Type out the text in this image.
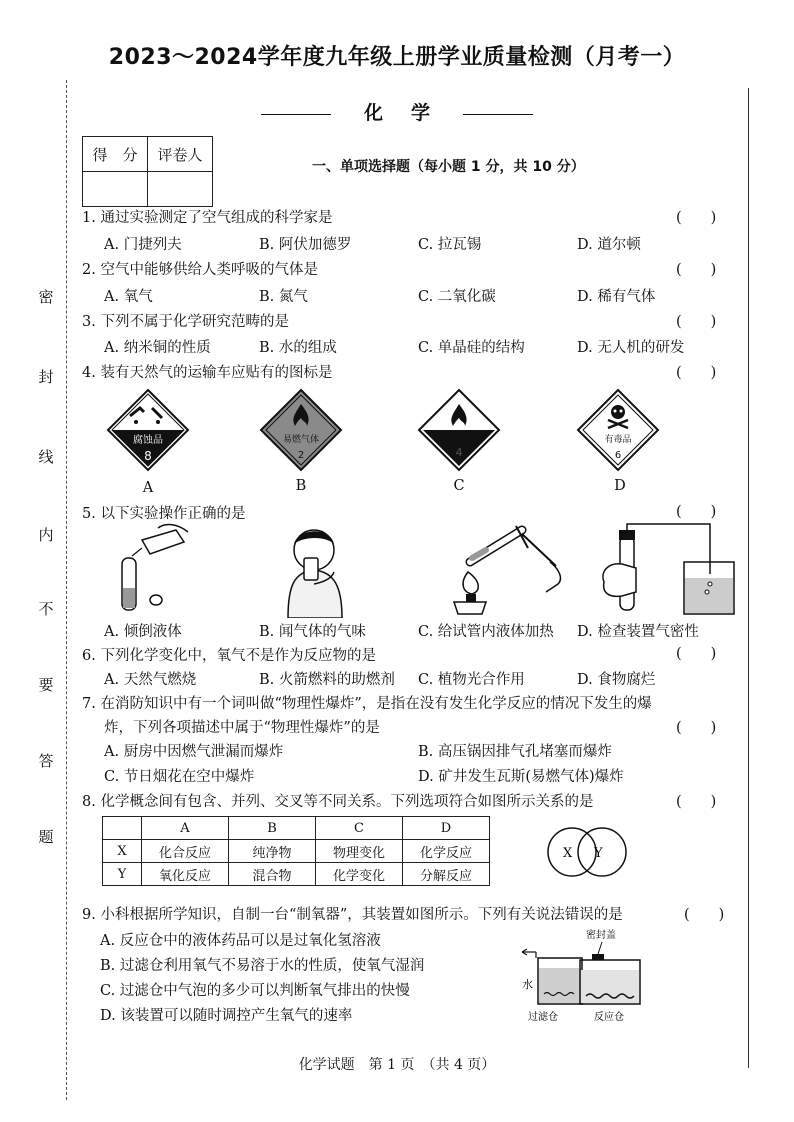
2023～2024学年度九年级上册学业质量检测（月考一）
化 学
密
封
线
内
不
要
答
题
得　分	评卷人

一、单项选择题（每小题 1 分，共 10 分）
1. 通过实验测定了空气组成的科学家是	(　　)
A. 门捷列夫	B. 阿伏加德罗	C. 拉瓦锡	D. 道尔顿
2. 空气中能够供给人类呼吸的气体是	(　　)
A. 氧气	B. 氮气	C. 二氧化碳	D. 稀有气体
3. 下列不属于化学研究范畴的是	(　　)
A. 纳米铜的性质	B. 水的组成	C. 单晶硅的结构	D. 无人机的研发
4. 装有天然气的运输车应贴有的图标是	(　　)
腐蚀品
8
易燃气体
2	4
有毒品
6
A	B	C	D
5. 以下实验操作正确的是	(　　)
A. 倾倒液体	B. 闻气体的气味	C. 给试管内液体加热 D. 检查装置气密性
6. 下列化学变化中，氧气不是作为反应物的是	(　　)
A. 天然气燃烧	B. 火箭燃料的助燃剂 C. 植物光合作用	D. 食物腐烂
7. 在消防知识中有一个词叫做“物理性爆炸”，是指在没有发生化学反应的情况下发生的爆
炸，下列各项描述中属于“物理性爆炸”的是	(　　)
A. 厨房中因燃气泄漏而爆炸	B. 高压锅因排气孔堵塞而爆炸
C. 节日烟花在空中爆炸	D. 矿井发生瓦斯(易燃气体)爆炸
8. 化学概念间有包含、并列、交叉等不同关系。下列选项符合如图所示关系的是	(　　)
	A	B	C	D
X	化合反应	纯净物	物理变化	化学反应
Y	氧化反应	混合物	化学变化	分解反应
X Y
9. 小科根据所学知识，自制一台“制氧器”，其装置如图所示。下列有关说法错误的是	(　　)
A. 反应仓中的液体药品可以是过氧化氢溶液
B. 过滤仓利用氧气不易溶于水的性质，使氧气湿润
C. 过滤仓中气泡的多少可以判断氧气排出的快慢
D. 该装置可以随时调控产生氧气的速率
密封盖
水
过滤仓	反应仓
化学试题　第 1 页　（共 4 页）
